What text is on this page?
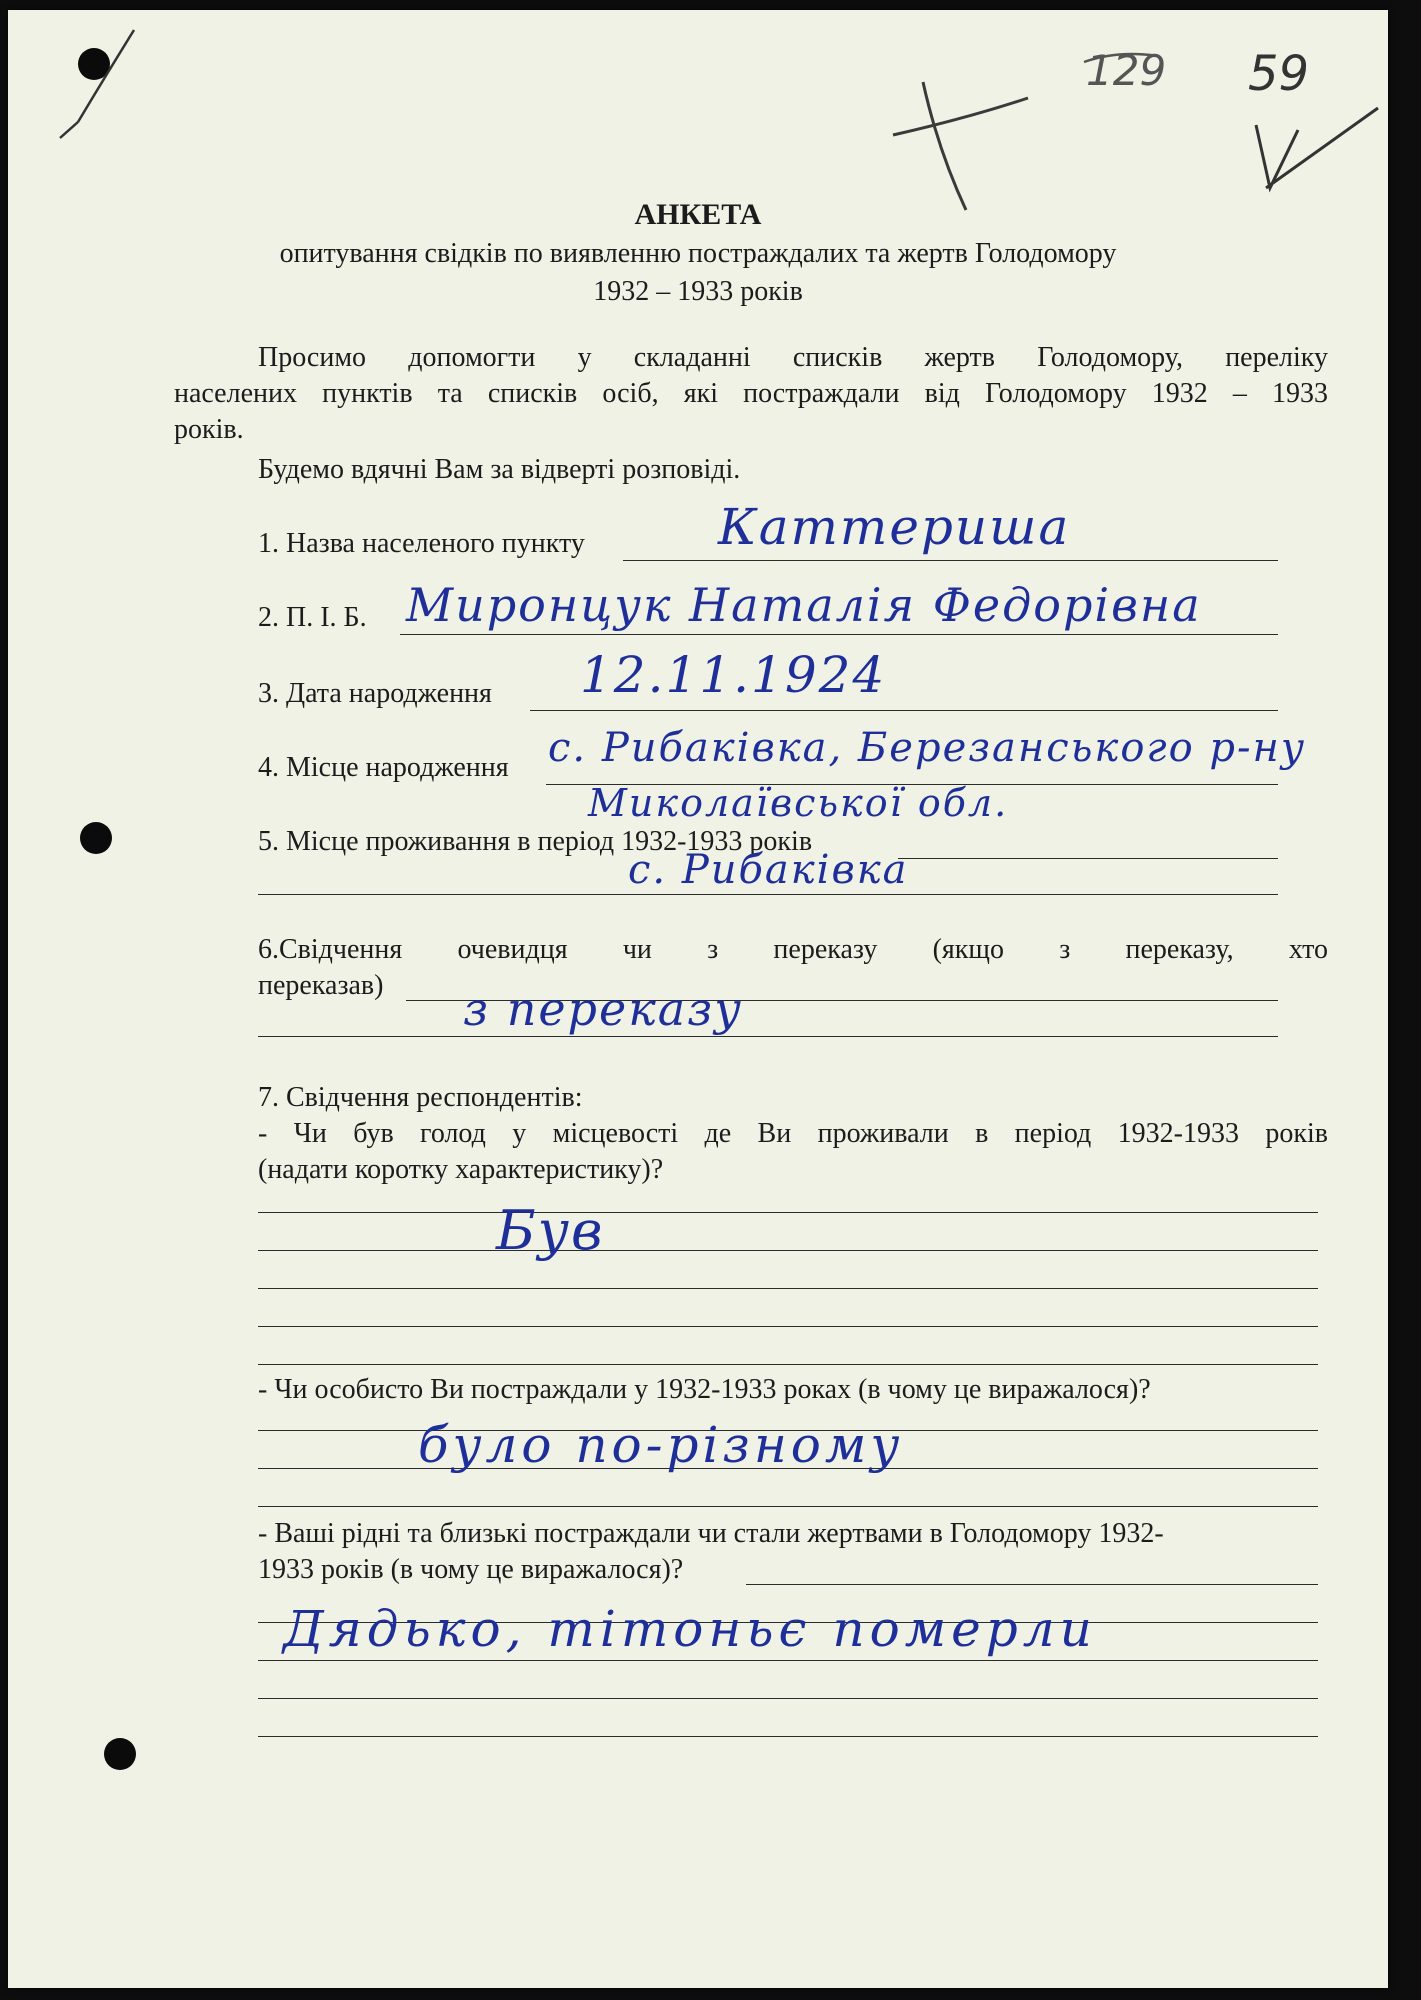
129 59
АНКЕТА
опитування свідків по виявленню постраждалих та жертв Голодомору
1932 – 1933 років
Просимо допомогти у складанні списків жертв Голодомору, переліку
населених пунктів та списків осіб, які постраждали від Голодомору 1932 – 1933
років.
Будемо вдячні Вам за відверті розповіді.
1. Назва населеного пункту	Каттериша
2. П. І. Б. Миронцук Наталія Федорівна
3. Дата народження 12.11.1924
4. Місце народження с. Рибаківка, Березанського р-ну
Миколаївської обл.
5. Місце проживання в період 1932-1933 років
с. Рибаківка
6.Свідчення очевидця чи з переказу (якщо з переказу, хто
переказав) з переказу
7. Свідчення респондентів:
- Чи був голод у місцевості де Ви проживали в період 1932-1933 років
(надати коротку характеристику)?
Був
- Чи особисто Ви постраждали у 1932-1933 роках (в чому це виражалося)?
було по-різному
- Ваші рідні та близькі постраждали чи стали жертвами в Голодомору 1932-
1933 років (в чому це виражалося)?
Дядько, тітоньє померли
